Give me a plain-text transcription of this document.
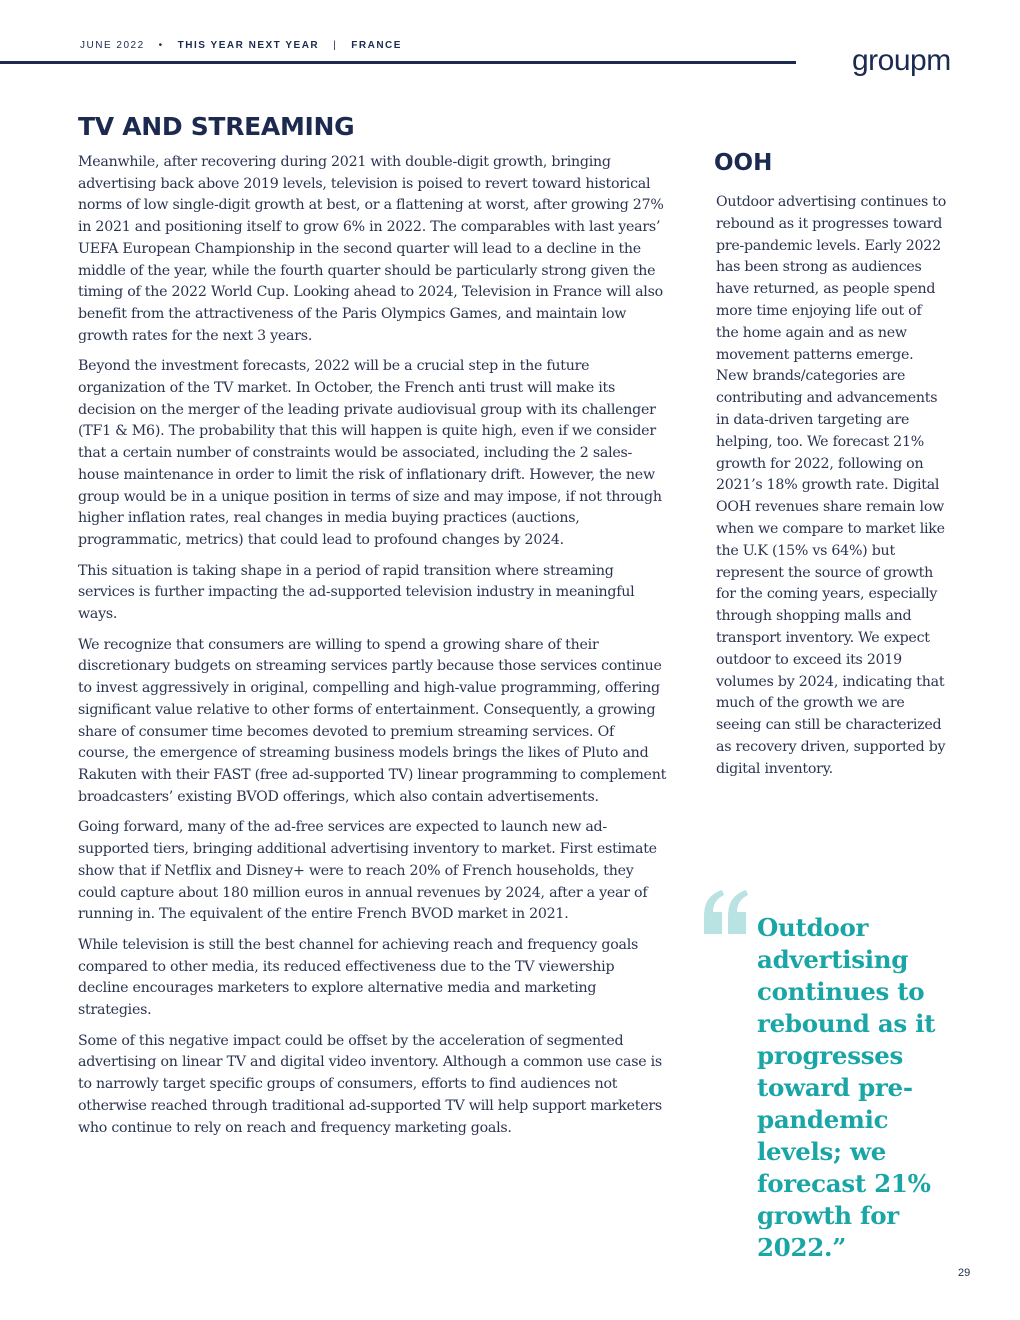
JUNE 2022 • THIS YEAR NEXT YEAR | FRANCE	groupm
TV AND STREAMING

Meanwhile, after recovering during 2021 with double-digit growth, bringing advertising back above 2019 levels, television is poised to revert toward historical norms of low single-digit growth at best, or a flattening at worst, after growing 27% in 2021 and positioning itself to grow 6% in 2022. The comparables with last years’ UEFA European Championship in the second quarter will lead to a decline in the middle of the year, while the fourth quarter should be particularly strong given the timing of the 2022 World Cup. Looking ahead to 2024, Television in France will also benefit from the attractiveness of the Paris Olympics Games, and maintain low growth rates for the next 3 years.

Beyond the investment forecasts, 2022 will be a crucial step in the future organization of the TV market. In October, the French anti trust will make its decision on the merger of the leading private audiovisual group with its challenger (TF1 & M6). The probability that this will happen is quite high, even if we consider that a certain number of constraints would be associated, including the 2 sales-house maintenance in order to limit the risk of inflationary drift. However, the new group would be in a unique position in terms of size and may impose, if not through higher inflation rates, real changes in media buying practices (auctions, programmatic, metrics) that could lead to profound changes by 2024.

This situation is taking shape in a period of rapid transition where streaming services is further impacting the ad-supported television industry in meaningful ways.

We recognize that consumers are willing to spend a growing share of their discretionary budgets on streaming services partly because those services continue to invest aggressively in original, compelling and high-value programming, offering significant value relative to other forms of entertainment. Consequently, a growing share of consumer time becomes devoted to premium streaming services. Of course, the emergence of streaming business models brings the likes of Pluto and Rakuten with their FAST (free ad-supported TV) linear programming to complement broadcasters’ existing BVOD offerings, which also contain advertisements.

Going forward, many of the ad-free services are expected to launch new ad-supported tiers, bringing additional advertising inventory to market. First estimate show that if Netflix and Disney+ were to reach 20% of French households, they could capture about 180 million euros in annual revenues by 2024, after a year of running in. The equivalent of the entire French BVOD market in 2021.

While television is still the best channel for achieving reach and frequency goals compared to other media, its reduced effectiveness due to the TV viewership decline encourages marketers to explore alternative media and marketing strategies.

Some of this negative impact could be offset by the acceleration of segmented advertising on linear TV and digital video inventory. Although a common use case is to narrowly target specific groups of consumers, efforts to find audiences not otherwise reached through traditional ad-supported TV will help support marketers who continue to rely on reach and frequency marketing goals.

OOH

Outdoor advertising continues to rebound as it progresses toward pre-pandemic levels. Early 2022 has been strong as audiences have returned, as people spend more time enjoying life out of the home again and as new movement patterns emerge. New brands/categories are contributing and advancements in data-driven targeting are helping, too. We forecast 21% growth for 2022, following on 2021’s 18% growth rate. Digital OOH revenues share remain low when we compare to market like the U.K (15% vs 64%) but represent the source of growth for the coming years, especially through shopping malls and transport inventory. We expect outdoor to exceed its 2019 volumes by 2024, indicating that much of the growth we are seeing can still be characterized as recovery driven, supported by digital inventory.

Outdoor advertising continues to rebound as it progresses toward pre-pandemic levels; we forecast 21% growth for 2022.”

29
